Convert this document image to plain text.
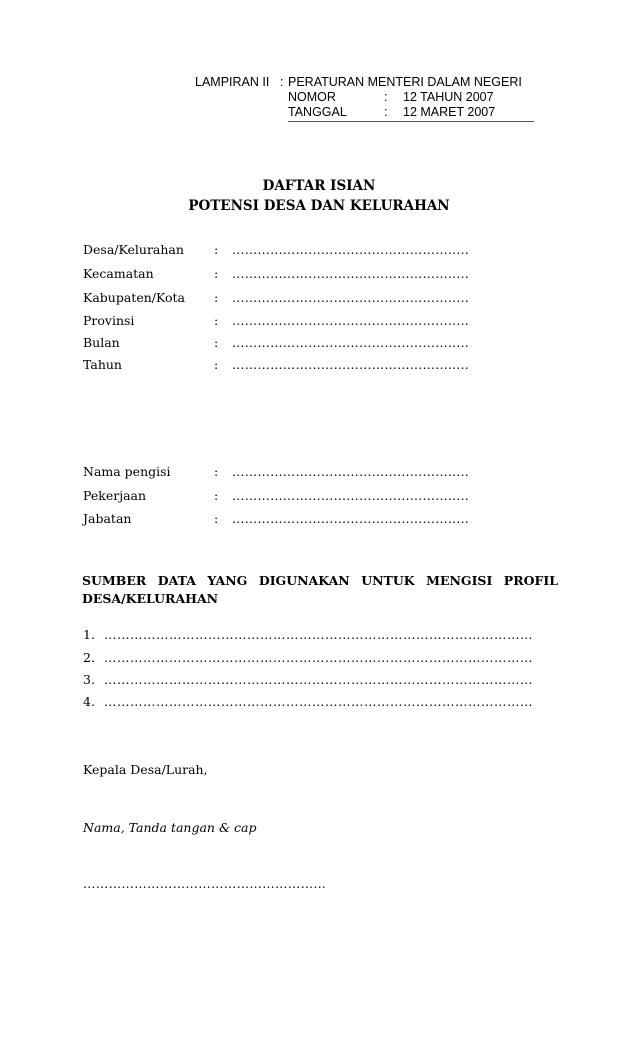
LAMPIRAN II : PERATURAN MENTERI DALAM NEGERI
NOMOR	: 12 TAHUN 2007
TANGGAL	: 12 MARET 2007
DAFTAR ISIAN
POTENSI DESA DAN KELURAHAN
Desa/Kelurahan : ………………………………………………..
Kecamatan	: ………………………………………………..
Kabupaten/Kota : ………………………………………………..
Provinsi	: ………………………………………………..
Bulan	: ………………………………………………..
Tahun	: ………………………………………………..
Nama pengisi	: ………………………………………………..
Pekerjaan	: ………………………………………………..
Jabatan	: ………………………………………………..
SUMBER DATA YANG DIGUNAKAN UNTUK MENGISI PROFIL
DESA/KELURAHAN
1. ………………………………………………………………………………………
2. ………………………………………………………………………………………
3. ………………………………………………………………………………………
4. ………………………………………………………………………………………
Kepala Desa/Lurah,
Nama, Tanda tangan & cap
…………………………………………………
